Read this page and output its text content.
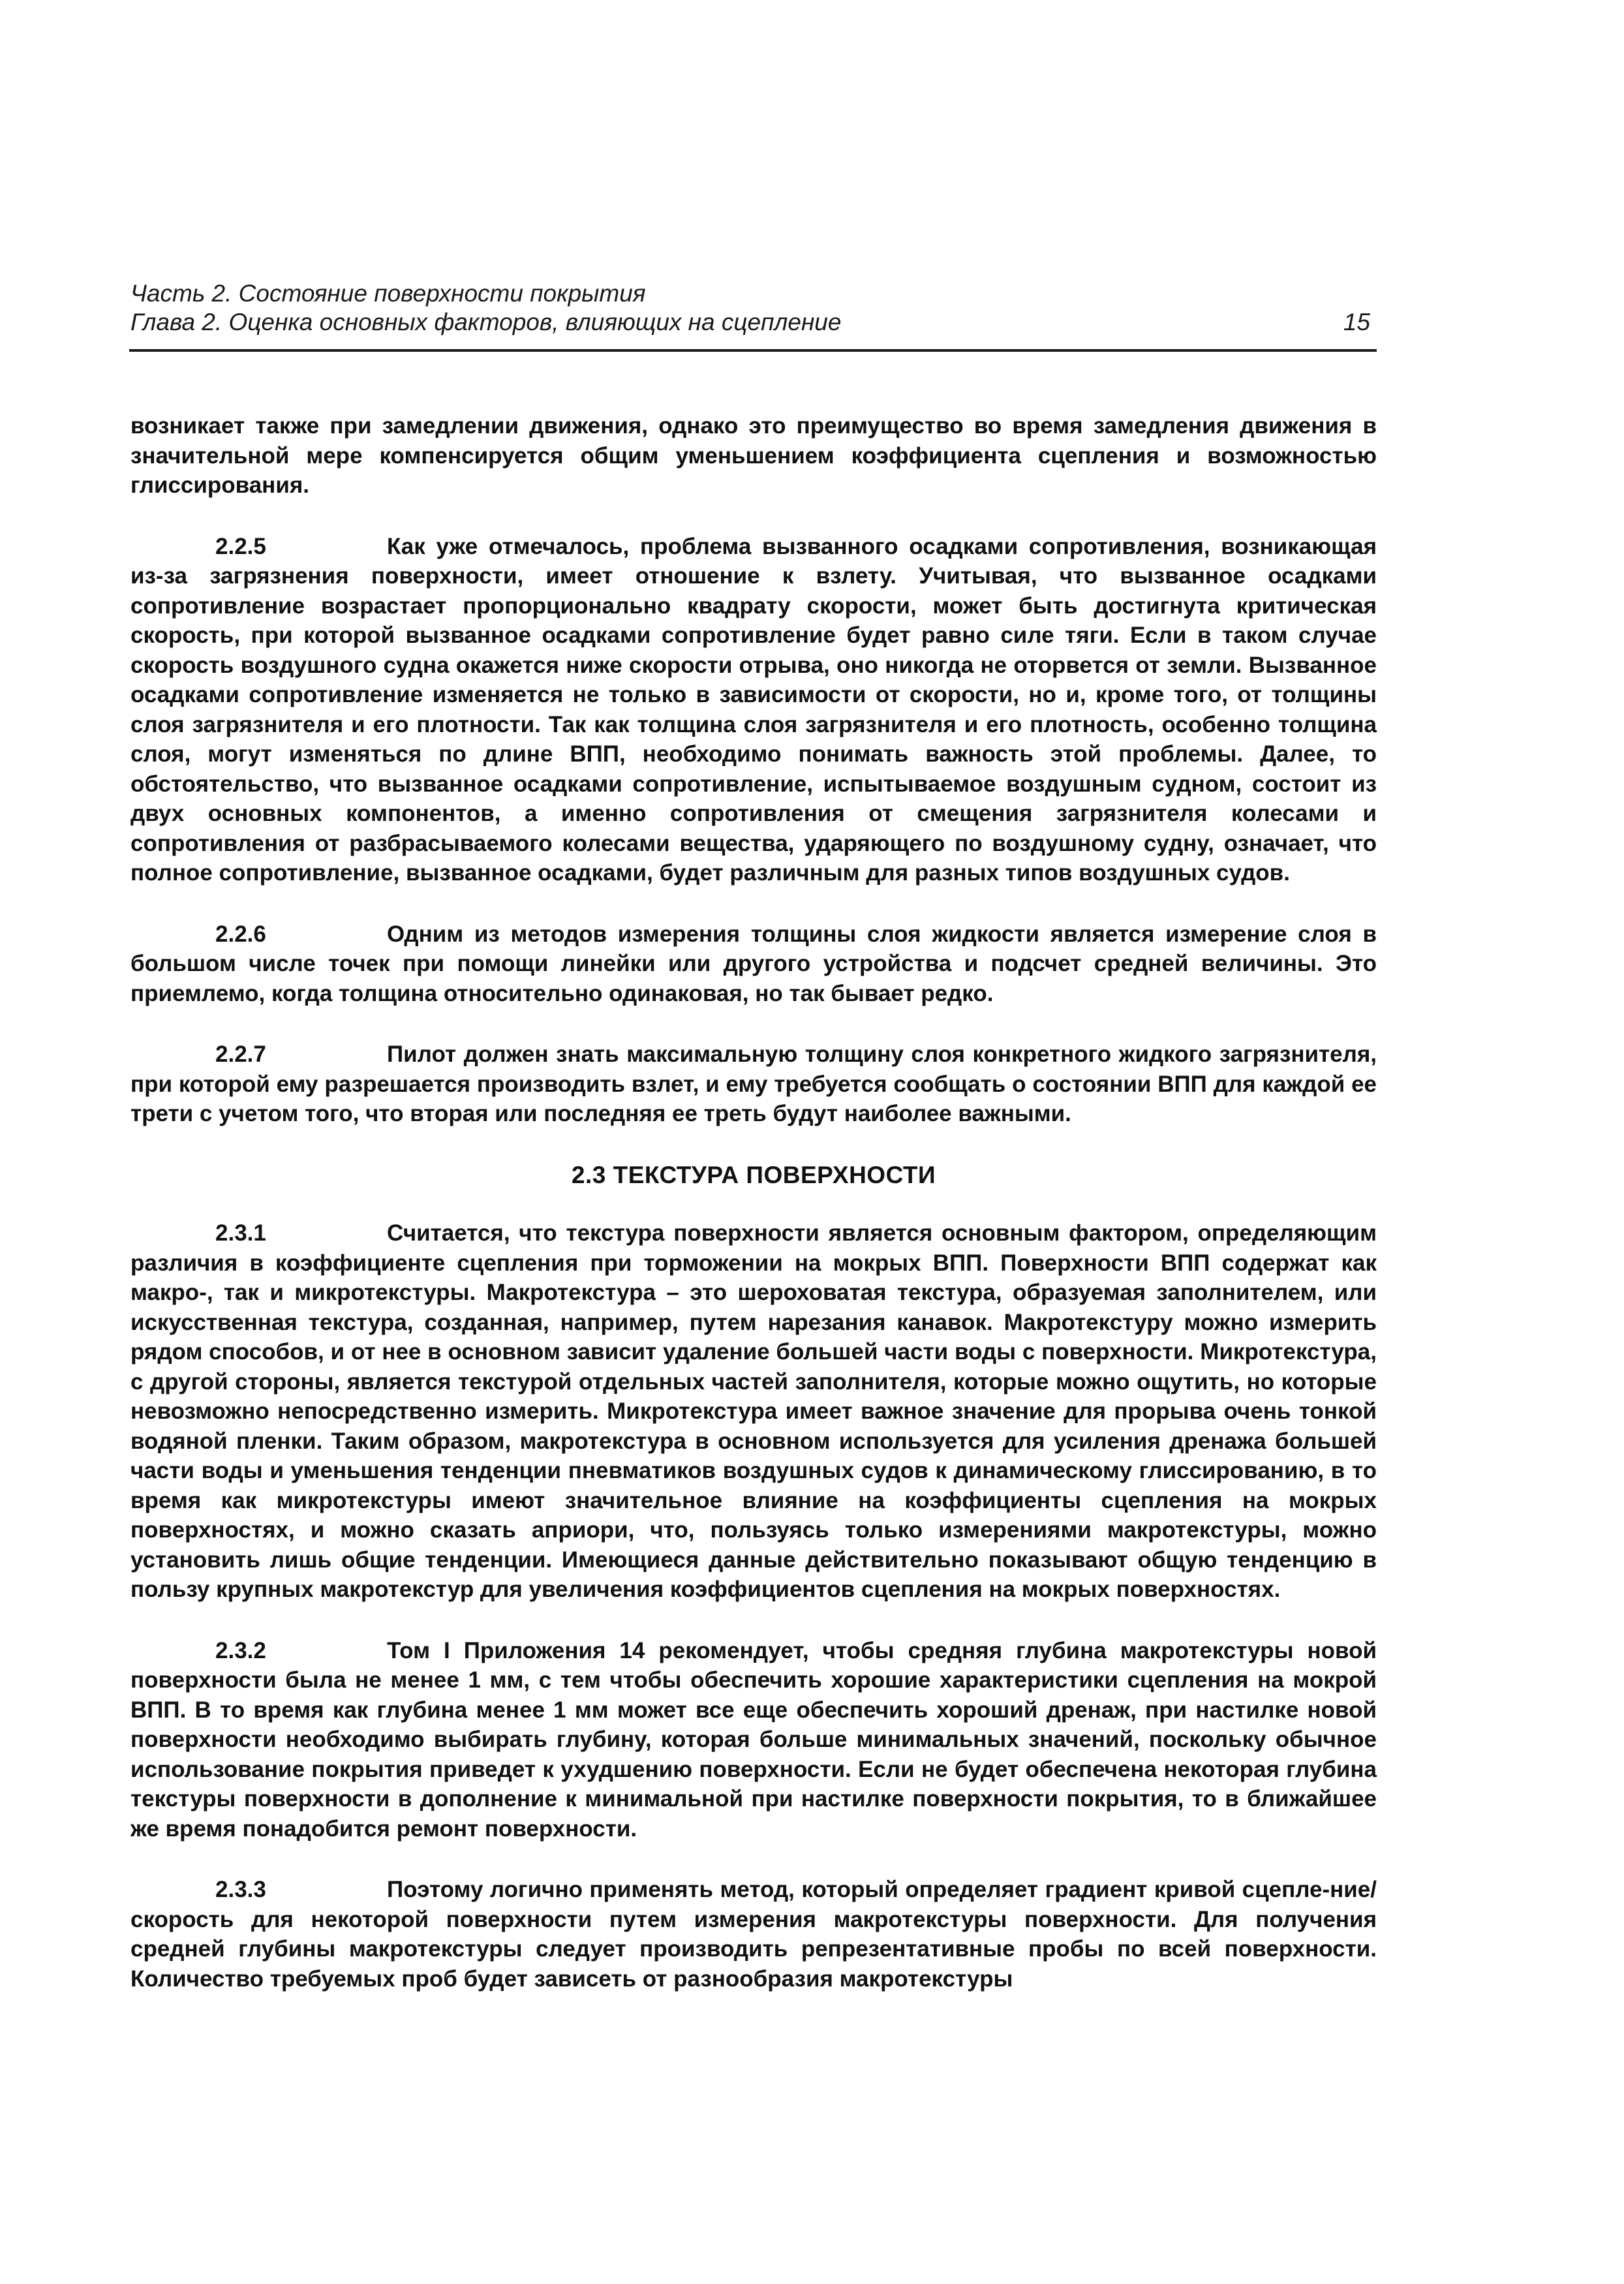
Часть 2. Состояние поверхности покрытия
Глава 2. Оценка основных факторов, влияющих на сцепление	15

возникает также при замедлении движения, однако это преимущество во время замедления движения в значительной мере компенсируется общим уменьшением коэффициента сцепления и возможностью глиссирования.

2.2.5	Как уже отмечалось, проблема вызванного осадками сопротивления, возникающая из-за загрязнения поверхности, имеет отношение к взлету. Учитывая, что вызванное осадками сопротивление возрастает пропорционально квадрату скорости, может быть достигнута критическая скорость, при которой вызванное осадками сопротивление будет равно силе тяги. Если в таком случае скорость воздушного судна окажется ниже скорости отрыва, оно никогда не оторвется от земли. Вызванное осадками сопротивление изменяется не только в зависимости от скорости, но и, кроме того, от толщины слоя загрязнителя и его плотности. Так как толщина слоя загрязнителя и его плотность, особенно толщина слоя, могут изменяться по длине ВПП, необходимо понимать важность этой проблемы. Далее, то обстоятельство, что вызванное осадками сопротивление, испытываемое воздушным судном, состоит из двух основных компонентов, а именно сопротивления от смещения загрязнителя колесами и сопротивления от разбрасываемого колесами вещества, ударяющего по воздушному судну, означает, что полное сопротивление, вызванное осадками, будет различным для разных типов воздушных судов.

2.2.6	Одним из методов измерения толщины слоя жидкости является измерение слоя в большом числе точек при помощи линейки или другого устройства и подсчет средней величины. Это приемлемо, когда толщина относительно одинаковая, но так бывает редко.

2.2.7	Пилот должен знать максимальную толщину слоя конкретного жидкого загрязнителя, при которой ему разрешается производить взлет, и ему требуется сообщать о состоянии ВПП для каждой ее трети с учетом того, что вторая или последняя ее треть будут наиболее важными.

2.3 ТЕКСТУРА ПОВЕРХНОСТИ

2.3.1	Считается, что текстура поверхности является основным фактором, определяющим различия в коэффициенте сцепления при торможении на мокрых ВПП. Поверхности ВПП содержат как макро-, так и микротекстуры. Макротекстура – это шероховатая текстура, образуемая заполнителем, или искусственная текстура, созданная, например, путем нарезания канавок. Макротекстуру можно измерить рядом способов, и от нее в основном зависит удаление большей части воды с поверхности. Микротекстура, с другой стороны, является текстурой отдельных частей заполнителя, которые можно ощутить, но которые невозможно непосредственно измерить. Микротекстура имеет важное значение для прорыва очень тонкой водяной пленки. Таким образом, макротекстура в основном используется для усиления дренажа большей части воды и уменьшения тенденции пневматиков воздушных судов к динамическому глиссированию, в то время как микротекстуры имеют значительное влияние на коэффициенты сцепления на мокрых поверхностях, и можно сказать априори, что, пользуясь только измерениями макротекстуры, можно установить лишь общие тенденции. Имеющиеся данные действительно показывают общую тенденцию в пользу крупных макротекстур для увеличения коэффициентов сцепления на мокрых поверхностях.

2.3.2	Том I Приложения 14 рекомендует, чтобы средняя глубина макротекстуры новой поверхности была не менее 1 мм, с тем чтобы обеспечить хорошие характеристики сцепления на мокрой ВПП. В то время как глубина менее 1 мм может все еще обеспечить хороший дренаж, при настилке новой поверхности необходимо выбирать глубину, которая больше минимальных значений, поскольку обычное использование покрытия приведет к ухудшению поверхности. Если не будет обеспечена некоторая глубина текстуры поверхности в дополнение к минимальной при настилке поверхности покрытия, то в ближайшее же время понадобится ремонт поверхности.

2.3.3	Поэтому логично применять метод, который определяет градиент кривой сцепле-ние/скорость для некоторой поверхности путем измерения макротекстуры поверхности. Для получения средней глубины макротекстуры следует производить репрезентативные пробы по всей поверхности. Количество требуемых проб будет зависеть от разнообразия макротекстуры
